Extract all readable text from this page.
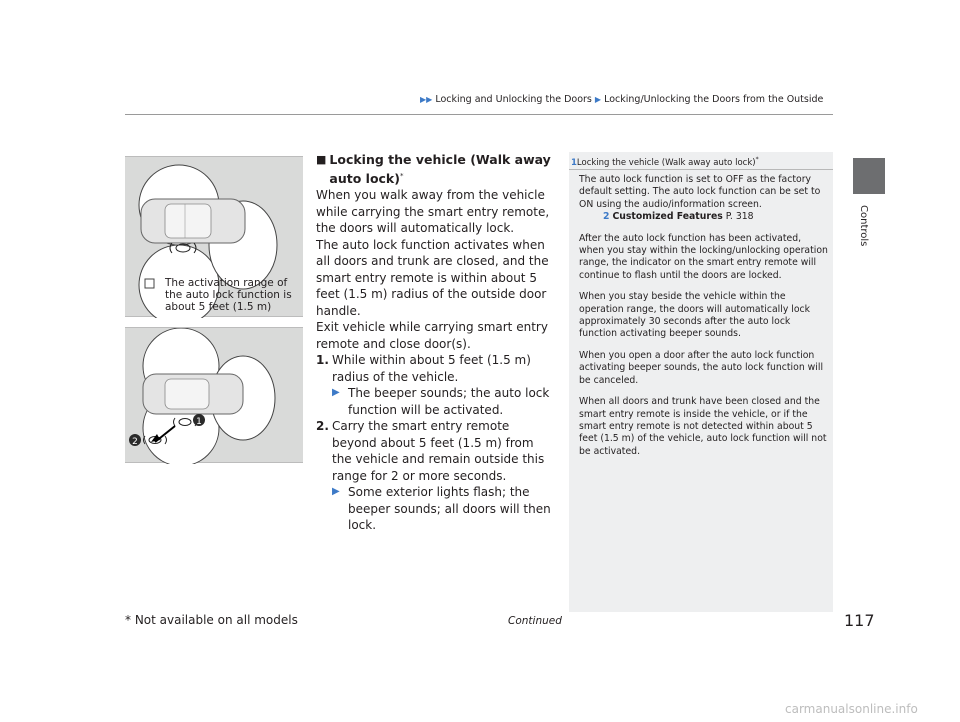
▶▶ Locking and Unlocking the Doors ▶ Locking/Unlocking the Doors from the Outside
Controls
The activation range of the auto lock function is about 5 feet (1.5 m)
1
2
■ Locking the vehicle (Walk away auto lock)*

When you walk away from the vehicle while carrying the smart entry remote, the doors will automatically lock.

The auto lock function activates when all doors and trunk are closed, and the smart entry remote is within about 5 feet (1.5 m) radius of the outside door handle.

Exit vehicle while carrying smart entry remote and close door(s).

1. While within about 5 feet (1.5 m) radius of the vehicle.
▶ The beeper sounds; the auto lock function will be activated.
2. Carry the smart entry remote beyond about 5 feet (1.5 m) from the vehicle and remain outside this range for 2 or more seconds.
▶ Some exterior lights flash; the beeper sounds; all doors will then lock.
1Locking the vehicle (Walk away auto lock)*

The auto lock function is set to OFF as the factory default setting. The auto lock function can be set to ON using the audio/information screen.
2 Customized Features P. 318

After the auto lock function has been activated, when you stay within the locking/unlocking operation range, the indicator on the smart entry remote will continue to flash until the doors are locked.

When you stay beside the vehicle within the operation range, the doors will automatically lock approximately 30 seconds after the auto lock function activating beeper sounds.

When you open a door after the auto lock function activating beeper sounds, the auto lock function will be canceled.

When all doors and trunk have been closed and the smart entry remote is inside the vehicle, or if the smart entry remote is not detected within about 5 feet (1.5 m) of the vehicle, auto lock function will not be activated.

Continued
* Not available on all models	117
carmanualsonline.info
